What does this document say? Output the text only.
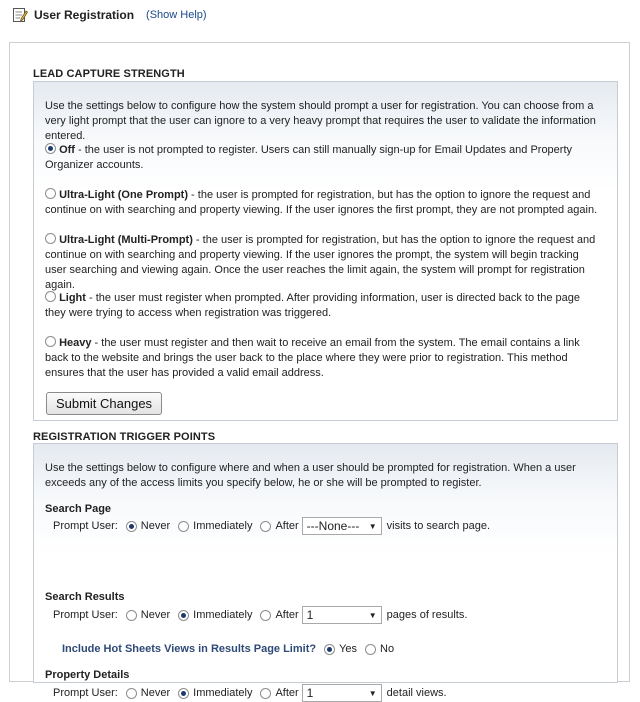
User Registration (Show Help)
LEAD CAPTURE STRENGTH
Use the settings below to configure how the system should prompt a user for registration. You can choose from a very light prompt that the user can ignore to a very heavy prompt that requires the user to validate the information entered.
Off - the user is not prompted to register. Users can still manually sign-up for Email Updates and Property Organizer accounts.
Ultra-Light (One Prompt) - the user is prompted for registration, but has the option to ignore the request and continue on with searching and property viewing. If the user ignores the first prompt, they are not prompted again.
Ultra-Light (Multi-Prompt) - the user is prompted for registration, but has the option to ignore the request and continue on with searching and property viewing. If the user ignores the prompt, the system will begin tracking user searching and viewing again. Once the user reaches the limit again, the system will prompt for registration again.
Light - the user must register when prompted. After providing information, user is directed back to the page they were trying to access when registration was triggered.
Heavy - the user must register and then wait to receive an email from the system. The email contains a link back to the website and brings the user back to the place where they were prior to registration. This method ensures that the user has provided a valid email address.
Submit Changes
REGISTRATION TRIGGER POINTS
Use the settings below to configure where and when a user should be prompted for registration. When a user exceeds any of the access limits you specify below, he or she will be prompted to register.
Search Page
Prompt User: Never Immediately After ---None--- ▼ visits to search page.
Search Results
Prompt User: Never Immediately After 1	▼ pages of results.
Include Hot Sheets Views in Results Page Limit? Yes No
Property Details
Prompt User: Never Immediately After 1	▼ detail views.
